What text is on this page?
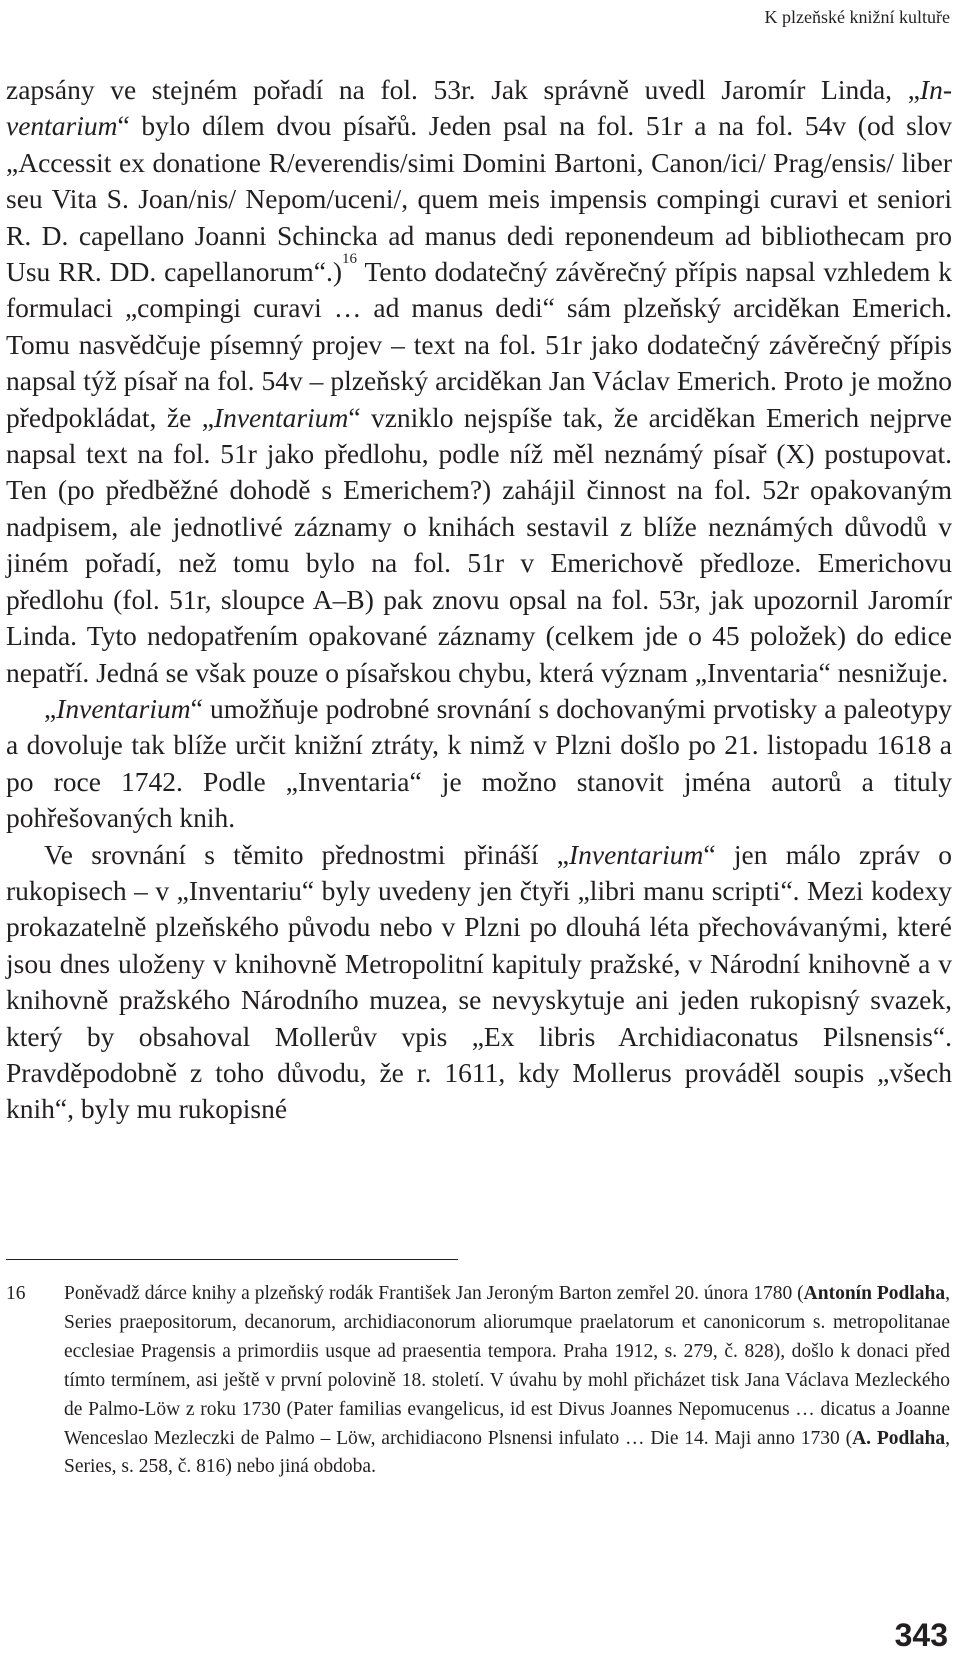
K plzeňské knižní kultuře

zapsány ve stejném pořadí na fol. 53r. Jak správně uvedl Jaromír Linda, „Inventarium“ bylo dílem dvou písařů. Jeden psal na fol. 51r a na fol. 54v (od slov „Accessit ex donatione R/everendis/simi Domini Bartoni, Canon/ici/ Prag/ensis/ liber seu Vita S. Joan/nis/ Nepom/uceni/, quem meis impensis compingi curavi et seniori R. D. capellano Joanni Schincka ad manus dedi reponendeum ad bibliothecam pro Usu RR. DD. capellanorum“.)$^{16}$ Tento dodatečný závěrečný přípis napsal vzhledem k formulaci „compingi curavi … ad manus dedi“ sám plzeňský arciděkan Emerich. Tomu nasvědčuje písemný projev – text na fol. 51r jako dodatečný závěrečný přípis napsal týž písař na fol. 54v – plzeňský arciděkan Jan Václav Emerich. Proto je možno předpokládat, že „Inventarium“ vzniklo nejspíše tak, že arciděkan Emerich nejprve napsal text na fol. 51r jako předlohu, podle níž měl neznámý písař (X) postupovat. Ten (po předběžné dohodě s Emerichem?) zahájil činnost na fol. 52r opakovaným nadpisem, ale jednotlivé záznamy o knihách sestavil z blíže neznámých důvodů v jiném pořadí, než tomu bylo na fol. 51r v Emerichově předloze. Emerichovu předlohu (fol. 51r, sloupce A–B) pak znovu opsal na fol. 53r, jak upozornil Jaromír Linda. Tyto nedopatřením opakované záznamy (celkem jde o 45 položek) do edice nepatří. Jedná se však pouze o písařskou chybu, která význam „Inventaria“ nesnižuje.

„Inventarium“ umožňuje podrobné srovnání s dochovanými prvotisky a paleotypy a dovoluje tak blíže určit knižní ztráty, k nimž v Plzni došlo po 21. listopadu 1618 a po roce 1742. Podle „Inventaria“ je možno stanovit jména autorů a tituly pohřešovaných knih.

Ve srovnání s těmito přednostmi přináší „Inventarium“ jen málo zpráv o rukopisech – v „Inventariu“ byly uvedeny jen čtyři „libri manu scripti“. Mezi kodexy prokazatelně plzeňského původu nebo v Plzni po dlouhá léta přechovávanými, které jsou dnes uloženy v knihovně Metropolitní kapituly pražské, v Národní knihovně a v knihovně pražského Národního muzea, se nevyskytuje ani jeden rukopisný svazek, který by obsahoval Mollerův vpis „Ex libris Archidiaconatus Pilsnensis“. Pravděpodobně z toho důvodu, že r. 1611, kdy Mollerus prováděl soupis „všech knih“, byly mu rukopisné

16 Poněvadž dárce knihy a plzeňský rodák František Jan Jeroným Barton zemřel 20. února 1780 (Antonín Podlaha, Series praepositorum, decanorum, archidiaconorum aliorumque praelatorum et canonicorum s. metropolitanae ecclesiae Pragensis a primordiis usque ad praesentia tempora. Praha 1912, s. 279, č. 828), došlo k donaci před tímto termínem, asi ještě v první polovině 18. století. V úvahu by mohl přicházet tisk Jana Václava Mezleckého de Palmo-Löw z roku 1730 (Pater familias evangelicus, id est Divus Joannes Nepomucenus … dicatus a Joanne Wenceslao Mezleczki de Palmo – Löw, archidiacono Plsnensi infulato … Die 14. Maji anno 1730 (A. Podlaha, Series, s. 258, č. 816) nebo jiná obdoba.
343
